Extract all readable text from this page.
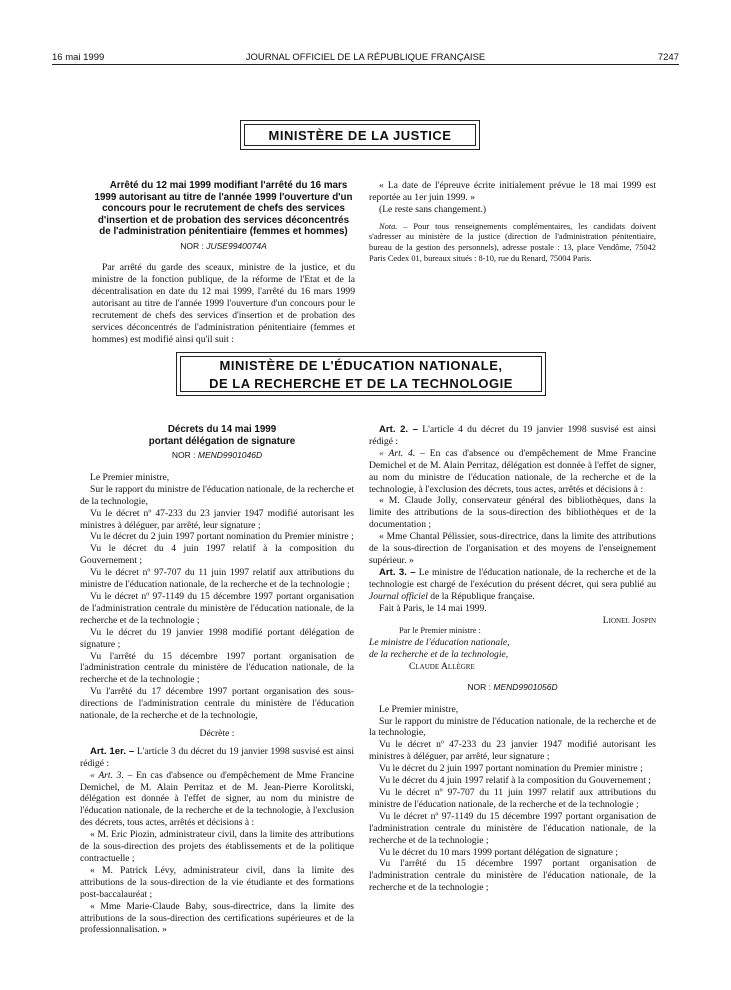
16 mai 1999	JOURNAL OFFICIEL DE LA RÉPUBLIQUE FRANÇAISE	7247
MINISTÈRE DE LA JUSTICE

Arrêté du 12 mai 1999 modifiant l'arrêté du 16 mars 1999 autorisant au titre de l'année 1999 l'ouverture d'un concours pour le recrutement de chefs des services d'insertion et de probation des services déconcentrés de l'administration pénitentiaire (femmes et hommes)

NOR : JUSE9940074A

Par arrêté du garde des sceaux, ministre de la justice, et du ministre de la fonction publique, de la réforme de l'Etat et de la décentralisation en date du 12 mai 1999, l'arrêté du 16 mars 1999 autorisant au titre de l'année 1999 l'ouverture d'un concours pour le recrutement de chefs des services d'insertion et de probation des services déconcentrés de l'administration pénitentiaire (femmes et hommes) est modifié ainsi qu'il suit :

« La date de l'épreuve écrite initialement prévue le 18 mai 1999 est reportée au 1er juin 1999. »

(Le reste sans changement.)

Nota. – Pour tous renseignements complémentaires, les candidats doivent s'adresser au ministère de la justice (direction de l'administration pénitentiaire, bureau de la gestion des personnels), adresse postale : 13, place Vendôme, 75042 Paris Cedex 01, bureaux situés : 8-10, rue du Renard, 75004 Paris.

MINISTÈRE DE L'ÉDUCATION NATIONALE,
DE LA RECHERCHE ET DE LA TECHNOLOGIE

Décrets du 14 mai 1999

portant délégation de signature

NOR : MEND9901046D

Le Premier ministre,

Sur le rapport du ministre de l'éducation nationale, de la recherche et de la technologie,

Vu le décret nº 47-233 du 23 janvier 1947 modifié autorisant les ministres à déléguer, par arrêté, leur signature ;

Vu le décret du 2 juin 1997 portant nomination du Premier ministre ;

Vu le décret du 4 juin 1997 relatif à la composition du Gouvernement ;

Vu le décret nº 97-707 du 11 juin 1997 relatif aux attributions du ministre de l'éducation nationale, de la recherche et de la technologie ;

Vu le décret nº 97-1149 du 15 décembre 1997 portant organisation de l'administration centrale du ministère de l'éducation nationale, de la recherche et de la technologie ;

Vu le décret du 19 janvier 1998 modifié portant délégation de signature ;

Vu l'arrêté du 15 décembre 1997 portant organisation de l'administration centrale du ministère de l'éducation nationale, de la recherche et de la technologie ;

Vu l'arrêté du 17 décembre 1997 portant organisation des sous-directions de l'administration centrale du ministère de l'éducation nationale, de la recherche et de la technologie,

Décrète :

Art. 1er. – L'article 3 du décret du 19 janvier 1998 susvisé est ainsi rédigé :

« Art. 3. – En cas d'absence ou d'empêchement de Mme Francine Demichel, de M. Alain Perritaz et de M. Jean-Pierre Korolitski, délégation est donnée à l'effet de signer, au nom du ministre de l'éducation nationale, de la recherche et de la technologie, à l'exclusion des décrets, tous actes, arrêtés et décisions à :

« M. Eric Piozin, administrateur civil, dans la limite des attributions de la sous-direction des projets des établissements et de la politique contractuelle ;

« M. Patrick Lévy, administrateur civil, dans la limite des attributions de la sous-direction de la vie étudiante et des formations post-baccalauréat ;

« Mme Marie-Claude Baby, sous-directrice, dans la limite des attributions de la sous-direction des certifications supérieures et de la professionnalisation. »

Art. 2. – L'article 4 du décret du 19 janvier 1998 susvisé est ainsi rédigé :

« Art. 4. – En cas d'absence ou d'empêchement de Mme Francine Demichel et de M. Alain Perritaz, délégation est donnée à l'effet de signer, au nom du ministre de l'éducation nationale, de la recherche et de la technologie, à l'exclusion des décrets, tous actes, arrêtés et décisions à :

« M. Claude Jolly, conservateur général des bibliothèques, dans la limite des attributions de la sous-direction des bibliothèques et de la documentation ;

« Mme Chantal Pélissier, sous-directrice, dans la limite des attributions de la sous-direction de l'organisation et des moyens de l'enseignement supérieur. »

Art. 3. – Le ministre de l'éducation nationale, de la recherche et de la technologie est chargé de l'exécution du présent décret, qui sera publié au Journal officiel de la République française.

Fait à Paris, le 14 mai 1999.

Lionel Jospin

Par le Premier ministre :

Le ministre de l'éducation nationale,

de la recherche et de la technologie,

Claude Allègre

NOR : MEND9901056D

Le Premier ministre,

Sur le rapport du ministre de l'éducation nationale, de la recherche et de la technologie,

Vu le décret nº 47-233 du 23 janvier 1947 modifié autorisant les ministres à déléguer, par arrêté, leur signature ;

Vu le décret du 2 juin 1997 portant nomination du Premier ministre ;

Vu le décret du 4 juin 1997 relatif à la composition du Gouvernement ;

Vu le décret nº 97-707 du 11 juin 1997 relatif aux attributions du ministre de l'éducation nationale, de la recherche et de la technologie ;

Vu le décret nº 97-1149 du 15 décembre 1997 portant organisation de l'administration centrale du ministère de l'éducation nationale, de la recherche et de la technologie ;

Vu le décret du 10 mars 1999 portant délégation de signature ;

Vu l'arrêté du 15 décembre 1997 portant organisation de l'administration centrale du ministère de l'éducation nationale, de la recherche et de la technologie ;
